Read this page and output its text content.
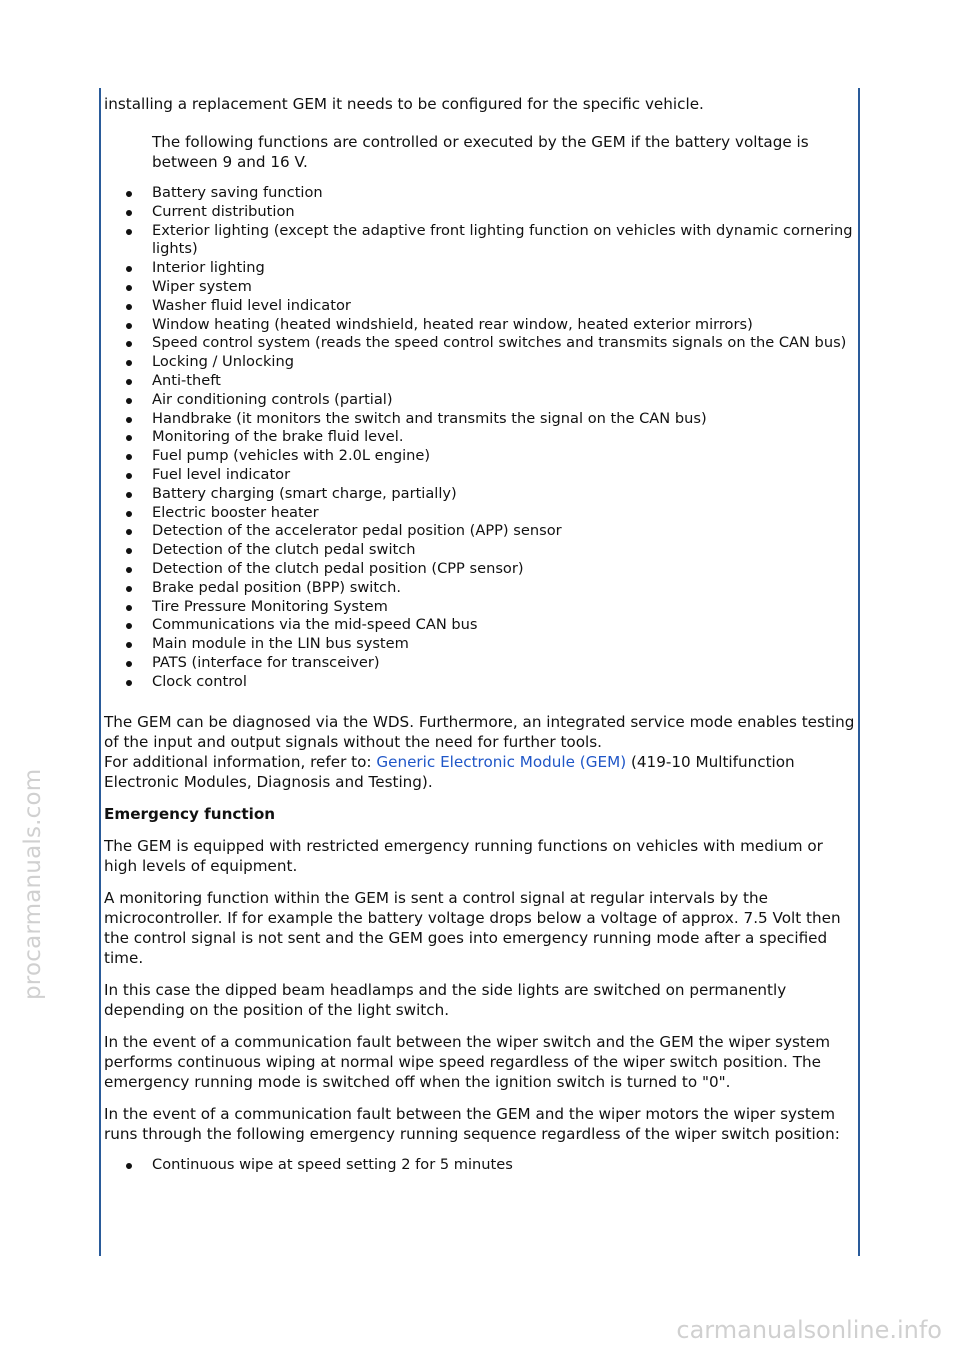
procarmanuals.com
carmanualsonline.info

installing a replacement GEM it needs to be configured for the specific vehicle.

The following functions are controlled or executed by the GEM if the battery voltage is between 9 and 16 V.

Battery saving function
Current distribution
Exterior lighting (except the adaptive front lighting function on vehicles with dynamic cornering lights)
Interior lighting
Wiper system
Washer fluid level indicator
Window heating (heated windshield, heated rear window, heated exterior mirrors)
Speed control system (reads the speed control switches and transmits signals on the CAN bus)
Locking / Unlocking
Anti-theft
Air conditioning controls (partial)
Handbrake (it monitors the switch and transmits the signal on the CAN bus)
Monitoring of the brake fluid level.
Fuel pump (vehicles with 2.0L engine)
Fuel level indicator
Battery charging (smart charge, partially)
Electric booster heater
Detection of the accelerator pedal position (APP) sensor
Detection of the clutch pedal switch
Detection of the clutch pedal position (CPP sensor)
Brake pedal position (BPP) switch.
Tire Pressure Monitoring System
Communications via the mid-speed CAN bus
Main module in the LIN bus system
PATS (interface for transceiver)
Clock control

The GEM can be diagnosed via the WDS. Furthermore, an integrated service mode enables testing of the input and output signals without the need for further tools.
For additional information, refer to: Generic Electronic Module (GEM) (419-10 Multifunction Electronic Modules, Diagnosis and Testing).

Emergency function

The GEM is equipped with restricted emergency running functions on vehicles with medium or high levels of equipment.

A monitoring function within the GEM is sent a control signal at regular intervals by the microcontroller. If for example the battery voltage drops below a voltage of approx. 7.5 Volt then the control signal is not sent and the GEM goes into emergency running mode after a specified time.

In this case the dipped beam headlamps and the side lights are switched on permanently depending on the position of the light switch.

In the event of a communication fault between the wiper switch and the GEM the wiper system performs continuous wiping at normal wipe speed regardless of the wiper switch position. The emergency running mode is switched off when the ignition switch is turned to "0".

In the event of a communication fault between the GEM and the wiper motors the wiper system runs through the following emergency running sequence regardless of the wiper switch position:

Continuous wipe at speed setting 2 for 5 minutes
